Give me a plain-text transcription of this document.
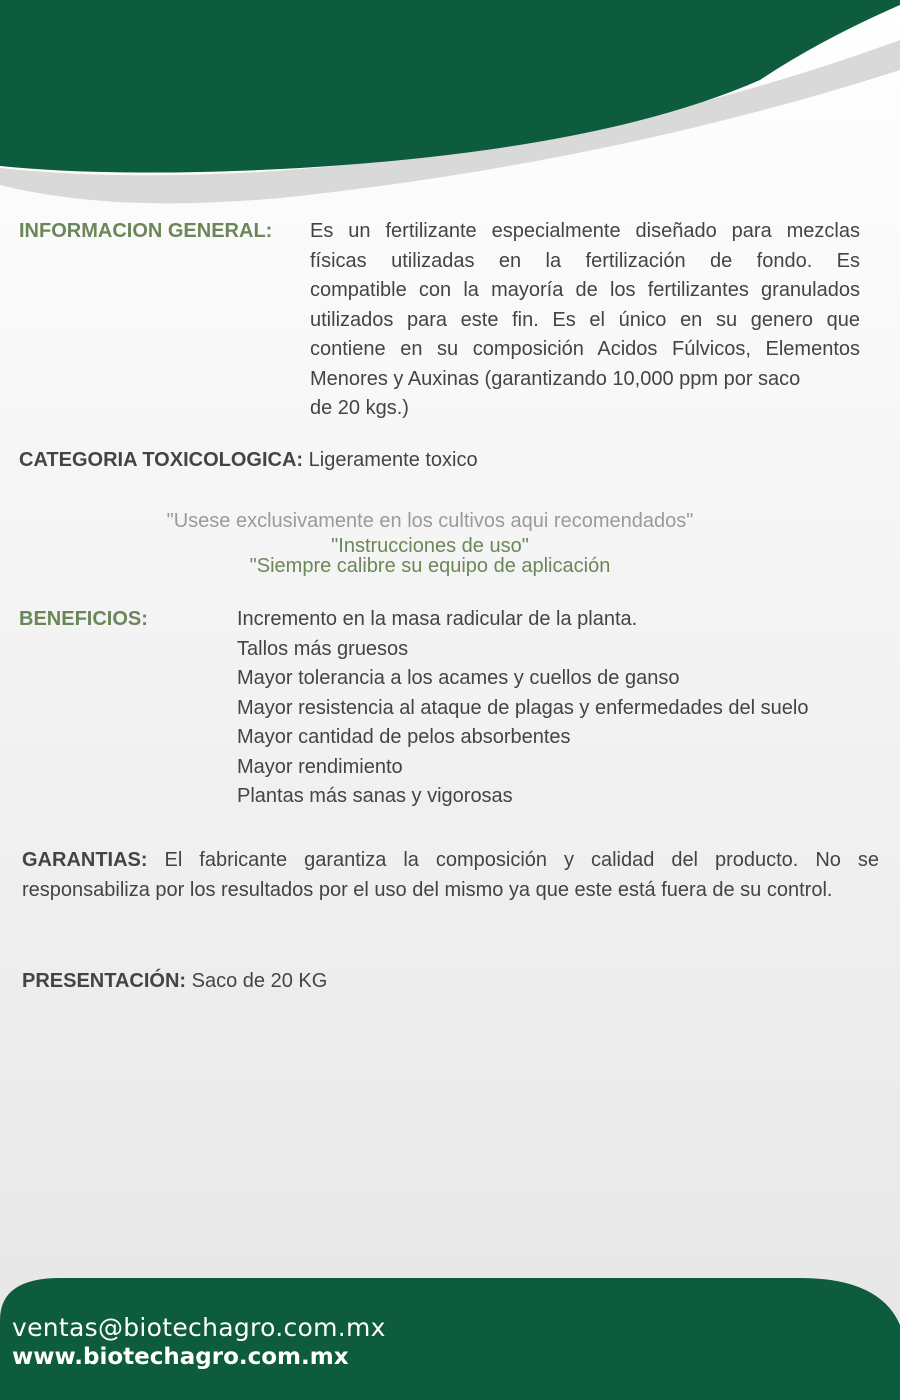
INFORMACION GENERAL: Es un fertilizante especialmente diseñado para mezclas
físicas utilizadas en la fertilización de fondo. Es
compatible con la mayoría de los fertilizantes granulados
utilizados para este fin. Es el único en su genero que
contiene en su composición Acidos Fúlvicos, Elementos
Menores y Auxinas (garantizando 10,000 ppm por saco
de 20 kgs.)
CATEGORIA TOXICOLOGICA: Ligeramente toxico
"Usese exclusivamente en los cultivos aqui recomendados"
"Instrucciones de uso"
"Siempre calibre su equipo de aplicación
BENEFICIOS:	Incremento en la masa radicular de la planta.
Tallos más gruesos
Mayor tolerancia a los acames y cuellos de ganso
Mayor resistencia al ataque de plagas y enfermedades del suelo
Mayor cantidad de pelos absorbentes
Mayor rendimiento
Plantas más sanas y vigorosas
GARANTIAS: El fabricante garantiza la composición y calidad del producto. No se responsabiliza por los resultados por el uso del mismo ya que este está fuera de su control.
PRESENTACIÓN: Saco de 20 KG
ventas@biotechagro.com.mx
www.biotechagro.com.mx
